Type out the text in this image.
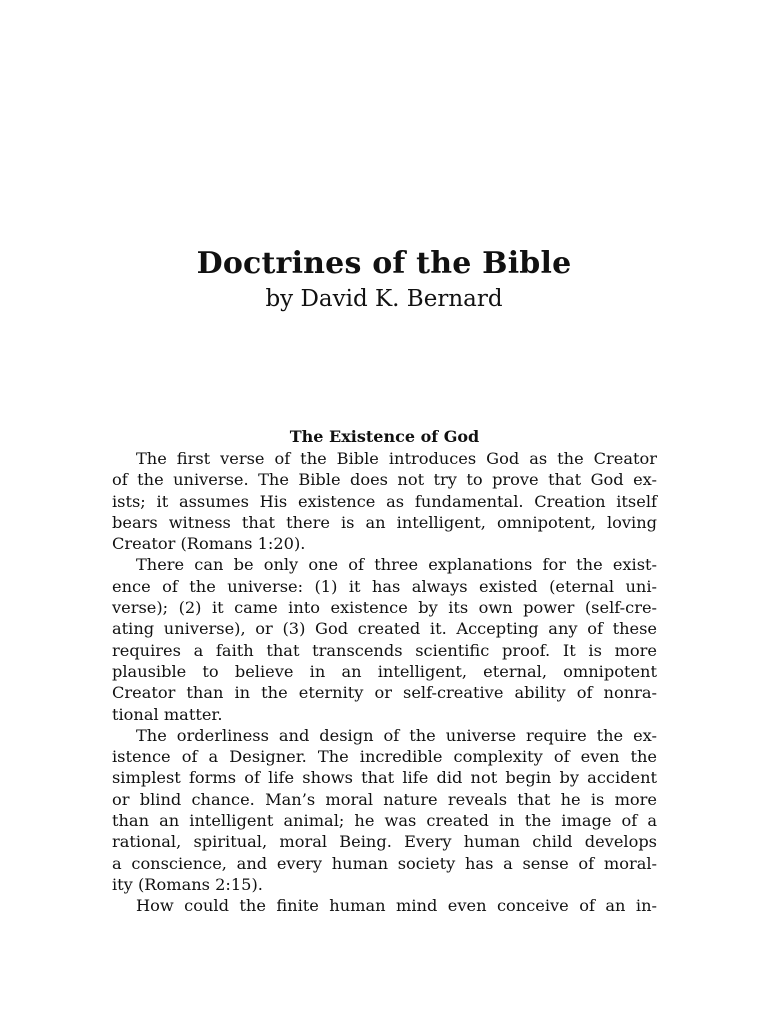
Doctrines of the Bible
by David K. Bernard
The Existence of God

The first verse of the Bible introduces God as the Creator
of the universe. The Bible does not try to prove that God ex-
ists; it assumes His existence as fundamental. Creation itself
bears witness that there is an intelligent, omnipotent, loving
Creator (Romans 1:20).

There can be only one of three explanations for the exist-
ence of the universe: (1) it has always existed (eternal uni-
verse); (2) it came into existence by its own power (self-cre-
ating universe), or (3) God created it. Accepting any of these
requires a faith that transcends scientific proof. It is more
plausible to believe in an intelligent, eternal, omnipotent
Creator than in the eternity or self-creative ability of nonra-
tional matter.

The orderliness and design of the universe require the ex-
istence of a Designer. The incredible complexity of even the
simplest forms of life shows that life did not begin by accident
or blind chance. Man’s moral nature reveals that he is more
than an intelligent animal; he was created in the image of a
rational, spiritual, moral Being. Every human child develops
a conscience, and every human society has a sense of moral-
ity (Romans 2:15).

How could the finite human mind even conceive of an in-
